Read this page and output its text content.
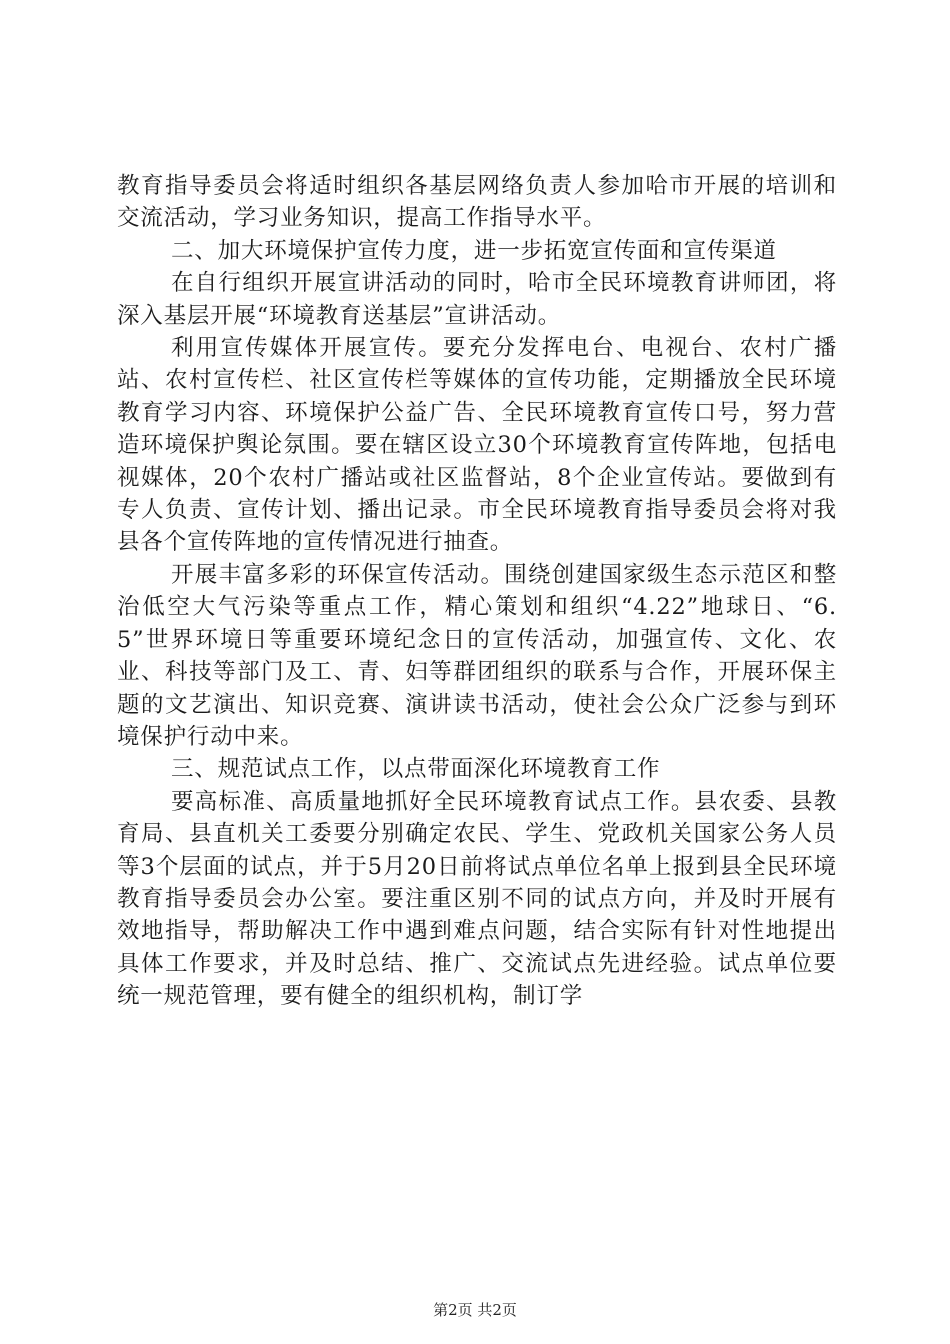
教育指导委员会将适时组织各基层网络负责人参加哈市开展的培训和交流活动，学习业务知识，提高工作指导水平。

二、加大环境保护宣传力度，进一步拓宽宣传面和宣传渠道

在自行组织开展宣讲活动的同时，哈市全民环境教育讲师团，将深入基层开展“环境教育送基层”宣讲活动。

利用宣传媒体开展宣传。要充分发挥电台、电视台、农村广播站、农村宣传栏、社区宣传栏等媒体的宣传功能，定期播放全民环境教育学习内容、环境保护公益广告、全民环境教育宣传口号，努力营造环境保护舆论氛围。要在辖区设立30个环境教育宣传阵地，包括电视媒体，20个农村广播站或社区监督站，8个企业宣传站。要做到有专人负责、宣传计划、播出记录。市全民环境教育指导委员会将对我县各个宣传阵地的宣传情况进行抽查。

开展丰富多彩的环保宣传活动。围绕创建国家级生态示范区和整治低空大气污染等重点工作，精心策划和组织“4.22”地球日、“6.5”世界环境日等重要环境纪念日的宣传活动，加强宣传、文化、农业、科技等部门及工、青、妇等群团组织的联系与合作，开展环保主题的文艺演出、知识竞赛、演讲读书活动，使社会公众广泛参与到环境保护行动中来。

三、规范试点工作，以点带面深化环境教育工作

要高标准、高质量地抓好全民环境教育试点工作。县农委、县教育局、县直机关工委要分别确定农民、学生、党政机关国家公务人员等3个层面的试点，并于5月20日前将试点单位名单上报到县全民环境教育指导委员会办公室。要注重区别不同的试点方向，并及时开展有效地指导，帮助解决工作中遇到难点问题，结合实际有针对性地提出具体工作要求，并及时总结、推广、交流试点先进经验。试点单位要统一规范管理，要有健全的组织机构，制订学

第2页 共2页
